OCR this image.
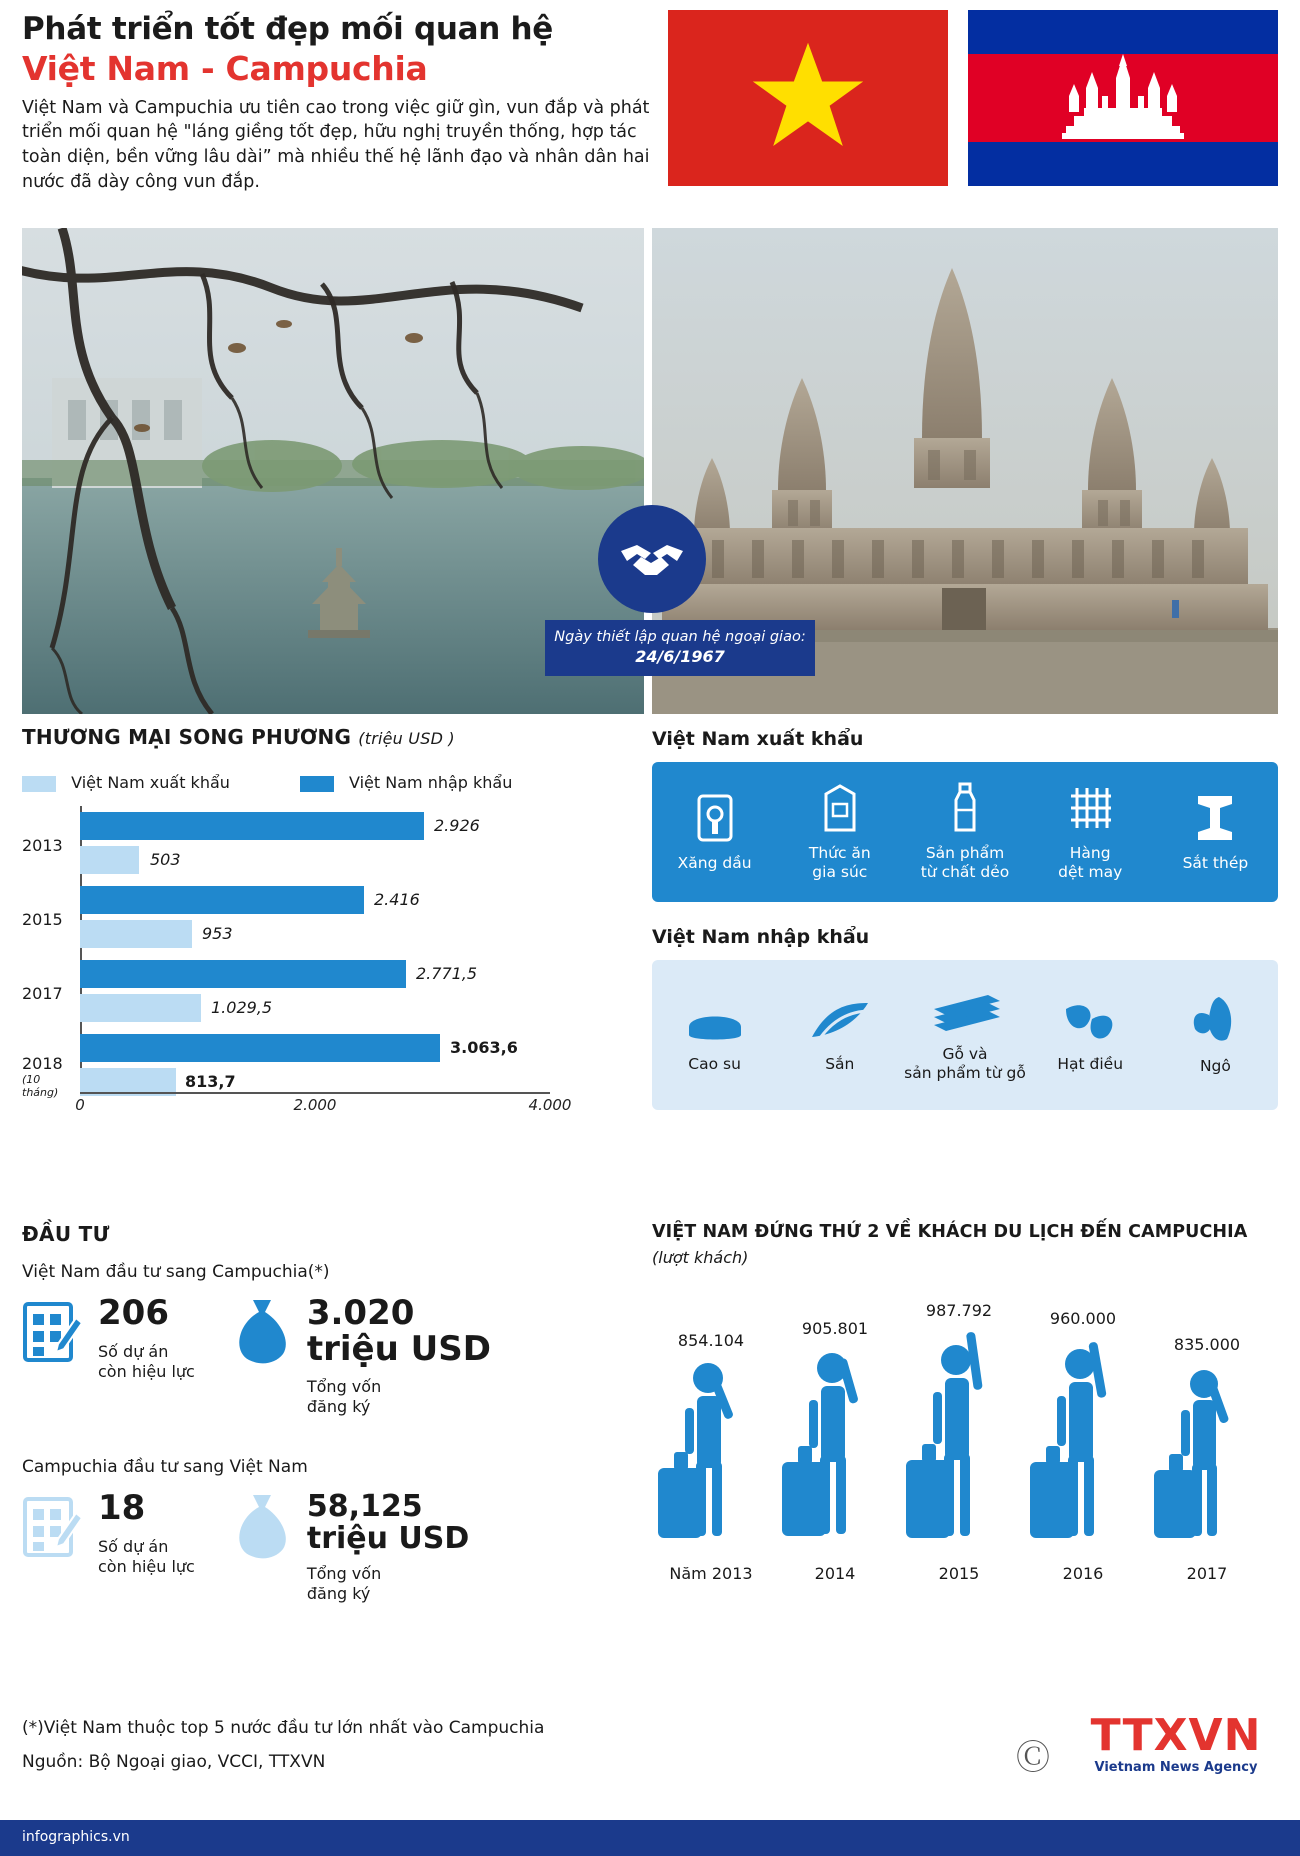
Phát triển tốt đẹp mối quan hệ
Việt Nam - Campuchia
Việt Nam và Campuchia ưu tiên cao trong việc giữ gìn, vun đắp và phát triển mối quan hệ "láng giềng tốt đẹp, hữu nghị truyền thống, hợp tác toàn diện, bền vững lâu dài” mà nhiều thế hệ lãnh đạo và nhân dân hai nước đã dày công vun đắp.
Ngày thiết lập quan hệ ngoại giao:
24/6/1967
THƯƠNG MẠI SONG PHƯƠNG (triệu USD )
Việt Nam xuất khẩu	Việt Nam nhập khẩu
2013
2.926
503
2015
2.416
953
2017
2.771,5
1.029,5
2018
(10 tháng)
3.063,6
813,7
0	2.000	4.000
Việt Nam xuất khẩu
Xăng dầu
Thức ăn
gia súc
Sản phẩm
từ chất dẻo
Hàng
dệt may
Sắt thép
Việt Nam nhập khẩu
Cao su	Sắn
Gỗ và
sản phẩm từ gỗ
Hạt điều	Ngô
ĐẦU TƯ
Việt Nam đầu tư sang Campuchia(*)
206
Số dự án
còn hiệu lực
3.020
triệu USD
Tổng vốn
đăng ký
Campuchia đầu tư sang Việt Nam
18
Số dự án
còn hiệu lực
58,125
triệu USD
Tổng vốn
đăng ký
VIỆT NAM ĐỨNG THỨ 2 VỀ KHÁCH DU LỊCH ĐẾN CAMPUCHIA
(lượt khách)
854.104
Năm 2013
905.801
2014
987.792
2015
960.000
2016
835.000
2017
(*)Việt Nam thuộc top 5 nước đầu tư lớn nhất vào Campuchia
Nguồn: Bộ Ngoại giao, VCCI, TTXVN	Ⓒ TTXVN
Vietnam News Agency
infographics.vn
